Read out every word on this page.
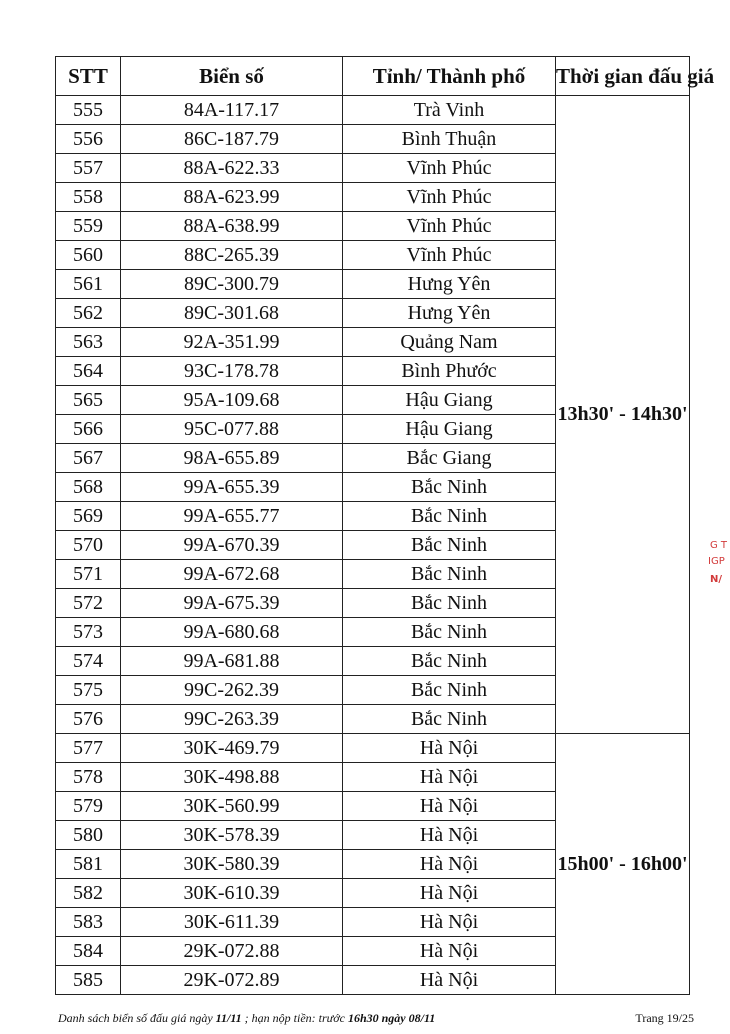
STT	Biển số	Tỉnh/ Thành phố	Thời gian đấu giá
555	84A-117.17	Trà Vinh	13h30' - 14h30'
556	86C-187.79	Bình Thuận	
557	88A-622.33	Vĩnh Phúc	
558	88A-623.99	Vĩnh Phúc	
559	88A-638.99	Vĩnh Phúc	
560	88C-265.39	Vĩnh Phúc	
561	89C-300.79	Hưng Yên	
562	89C-301.68	Hưng Yên	
563	92A-351.99	Quảng Nam	
564	93C-178.78	Bình Phước	
565	95A-109.68	Hậu Giang	
566	95C-077.88	Hậu Giang	
567	98A-655.89	Bắc Giang	
568	99A-655.39	Bắc Ninh	
569	99A-655.77	Bắc Ninh	
570	99A-670.39	Bắc Ninh	
571	99A-672.68	Bắc Ninh	
572	99A-675.39	Bắc Ninh	
573	99A-680.68	Bắc Ninh	
574	99A-681.88	Bắc Ninh	
575	99C-262.39	Bắc Ninh	
576	99C-263.39	Bắc Ninh	
577	30K-469.79	Hà Nội	15h00' - 16h00'
578	30K-498.88	Hà Nội	
579	30K-560.99	Hà Nội	
580	30K-578.39	Hà Nội	
581	30K-580.39	Hà Nội	
582	30K-610.39	Hà Nội	
583	30K-611.39	Hà Nội	
584	29K-072.88	Hà Nội	
585	29K-072.89	Hà Nội	
Danh sách biển số đấu giá ngày 11/11 ; hạn nộp tiền: trước 16h30 ngày 08/11	Trang 19/25
G T
IGP
N/
